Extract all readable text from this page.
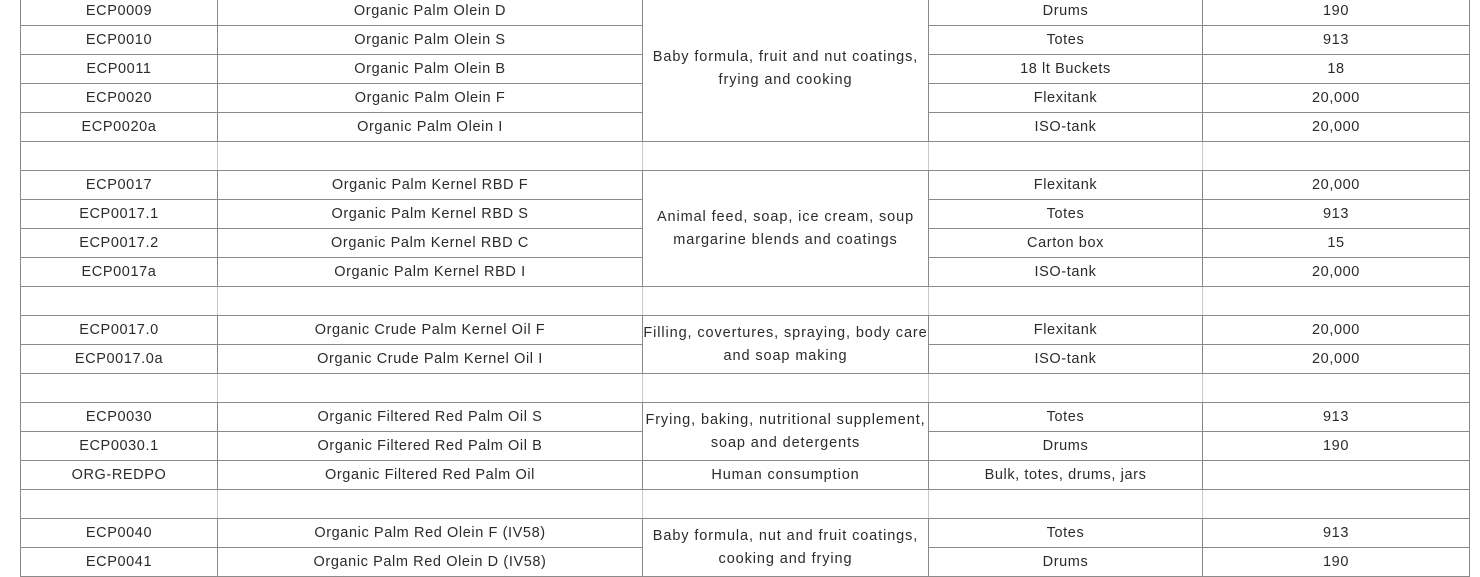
ECP0009	Organic Palm Olein D	Baby formula, fruit and nut coatings, frying and cooking	Drums	190
ECP0010	Organic Palm Olein S		Totes	913
ECP0011	Organic Palm Olein B		18 lt Buckets	18
ECP0020	Organic Palm Olein F		Flexitank	20,000
ECP0020a	Organic Palm Olein I		ISO-tank	20,000

ECP0017	Organic Palm Kernel RBD F	Animal feed, soap, ice cream, soup margarine blends and coatings	Flexitank	20,000
ECP0017.1	Organic Palm Kernel RBD S		Totes	913
ECP0017.2	Organic Palm Kernel RBD C		Carton box	15
ECP0017a	Organic Palm Kernel RBD I		ISO-tank	20,000

ECP0017.0	Organic Crude Palm Kernel Oil F	Filling, covertures, spraying, body care and soap making	Flexitank	20,000
ECP0017.0a	Organic Crude Palm Kernel Oil I		ISO-tank	20,000

ECP0030	Organic Filtered Red Palm Oil S	Frying, baking, nutritional supplement, soap and detergents	Totes	913
ECP0030.1	Organic Filtered Red Palm Oil B		Drums	190
ORG-REDPO	Organic Filtered Red Palm Oil	Human consumption	Bulk, totes, drums, jars	

ECP0040	Organic Palm Red Olein F (IV58)	Baby formula, nut and fruit coatings, cooking and frying	Totes	913
ECP0041	Organic Palm Red Olein D (IV58)		Drums	190
